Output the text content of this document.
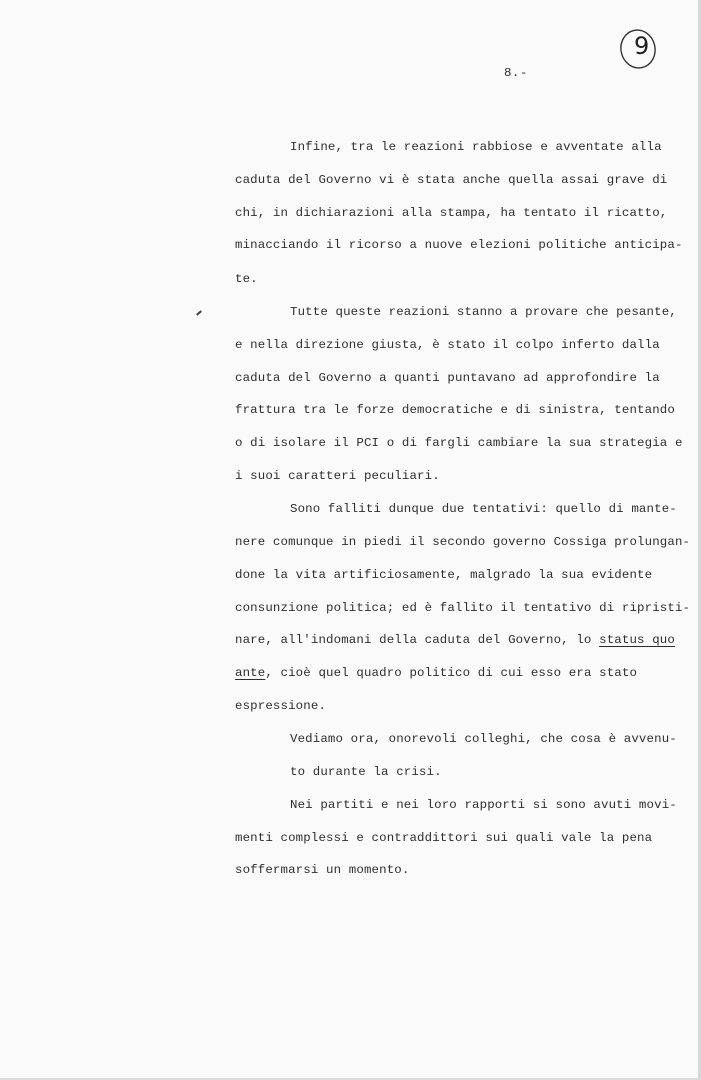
9
8.-
Infine, tra le reazioni rabbiose e avventate alla
caduta del Governo vi è stata anche quella assai grave di
chi, in dichiarazioni alla stampa, ha tentato il ricatto,
minacciando il ricorso a nuove elezioni politiche anticipa-
te.
Tutte queste reazioni stanno a provare che pesante,
e nella direzione giusta, è stato il colpo inferto dalla
caduta del Governo a quanti puntavano ad approfondire la
frattura tra le forze democratiche e di sinistra, tentando
o di isolare il PCI o di fargli cambiare la sua strategia e
i suoi caratteri peculiari.
Sono falliti dunque due tentativi: quello di mante-
nere comunque in piedi il secondo governo Cossiga prolungan-
done la vita artificiosamente, malgrado la sua evidente
consunzione politica; ed è fallito il tentativo di ripristi-
nare, all'indomani della caduta del Governo, lo status quo
ante, cioè quel quadro politico di cui esso era stato
espressione.
Vediamo ora, onorevoli colleghi, che cosa è avvenu-
to durante la crisi.
Nei partiti e nei loro rapporti si sono avuti movi-
menti complessi e contraddittori sui quali vale la pena
soffermarsi un momento.
